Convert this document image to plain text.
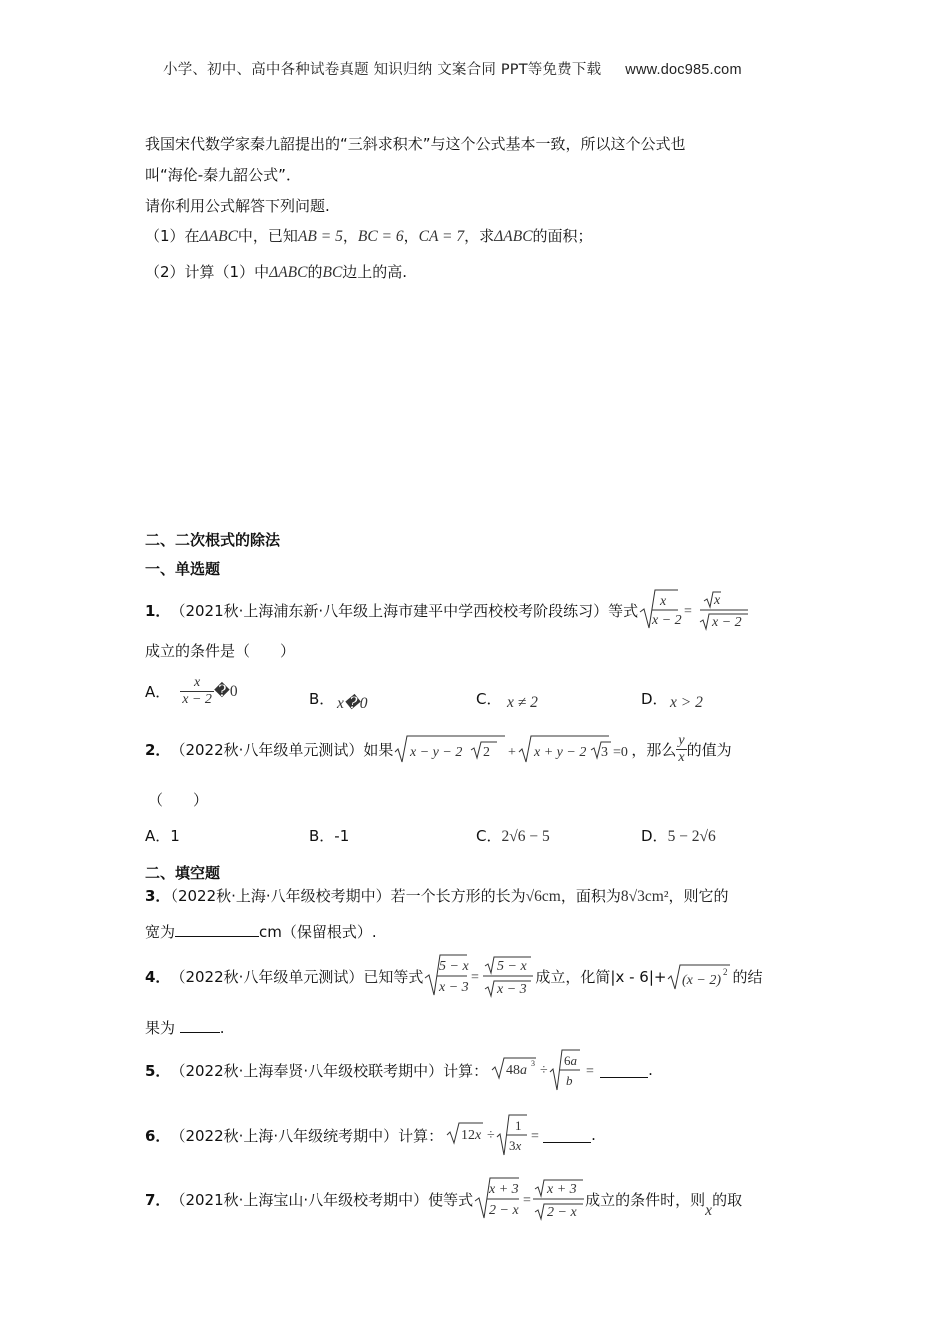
小学、初中、高中各种试卷真题 知识归纳 文案合同 PPT等免费下载 www.doc985.com
我国宋代数学家秦九韶提出的“三斜求积术”与这个公式基本一致，所以这个公式也
叫“海伦-秦九韶公式”．
请你利用公式解答下列问题.
（1）在ΔABC中，已知AB = 5，BC = 6，CA = 7，求ΔABC的面积；
（2）计算（1）中ΔABC的BC边上的高.
二、二次根式的除法
一、单选题
1． （2021秋·上海浦东新·八年级上海市建平中学西校校考阶段练习）等式 x
x − 2
=
x
x − 2
成立的条件是（　　）
A． $\frac{x}{x - 2}$ �0	B． x�0	C． x ≠ 2	D． x > 2
2． （2022秋·八年级单元测试）如果 x − y − 2 2 + x + y − 2 3 =0 ，那么 $\frac{y}{x}$ 的值为
（　　）
A．1	B．-1	C．2√6 − 5	D．5 − 2√6
二、填空题
3．（2022秋·上海·八年级校考期中）若一个长方形的长为√6cm，面积为8√3cm²，则它的
宽为	cm（保留根式）.
4． （2022秋·八年级单元测试）已知等式
5 − x
x − 3
=
5 − x
x − 3
成立，化简|x - 6|+ (x − 2)
2 的结
果为	.
5． （2022秋·上海奉贤·八年级校联考期中）计算： 48a 3 ÷
6a
b
=	.
6． （2022秋·上海·八年级统考期中）计算： 12x ÷
1
3x
=	.
7． （2021秋·上海宝山·八年级校考期中）使等式
x + 3
2 − x
=
x + 3
2 − x
成立的条件时，则
x
的取
